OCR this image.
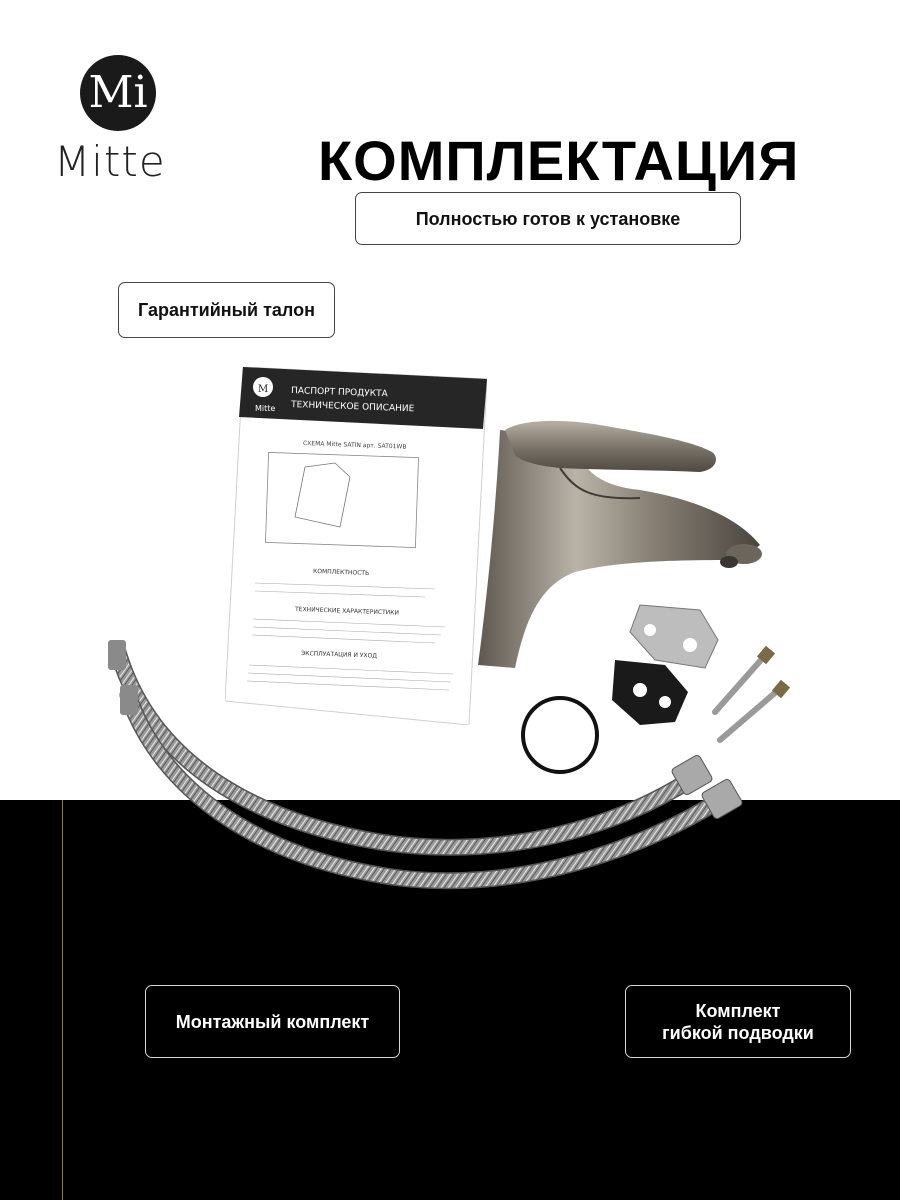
Mi
Mitte	КОМПЛЕКТАЦИЯ
Полностью готов к установке
Гарантийный талон
M
Mitte
ПАСПОРТ ПРОДУКТА
ТЕХНИЧЕСКОЕ ОПИСАНИЕ
СХЕМА Mitte SATIN арт. SAT01WB
КОМПЛЕКТНОСТЬ
ТЕХНИЧЕСКИЕ ХАРАКТЕРИСТИКИ
ЭКСПЛУАТАЦИЯ И УХОД
Монтажный комплект
Комплект
гибкой подводки
